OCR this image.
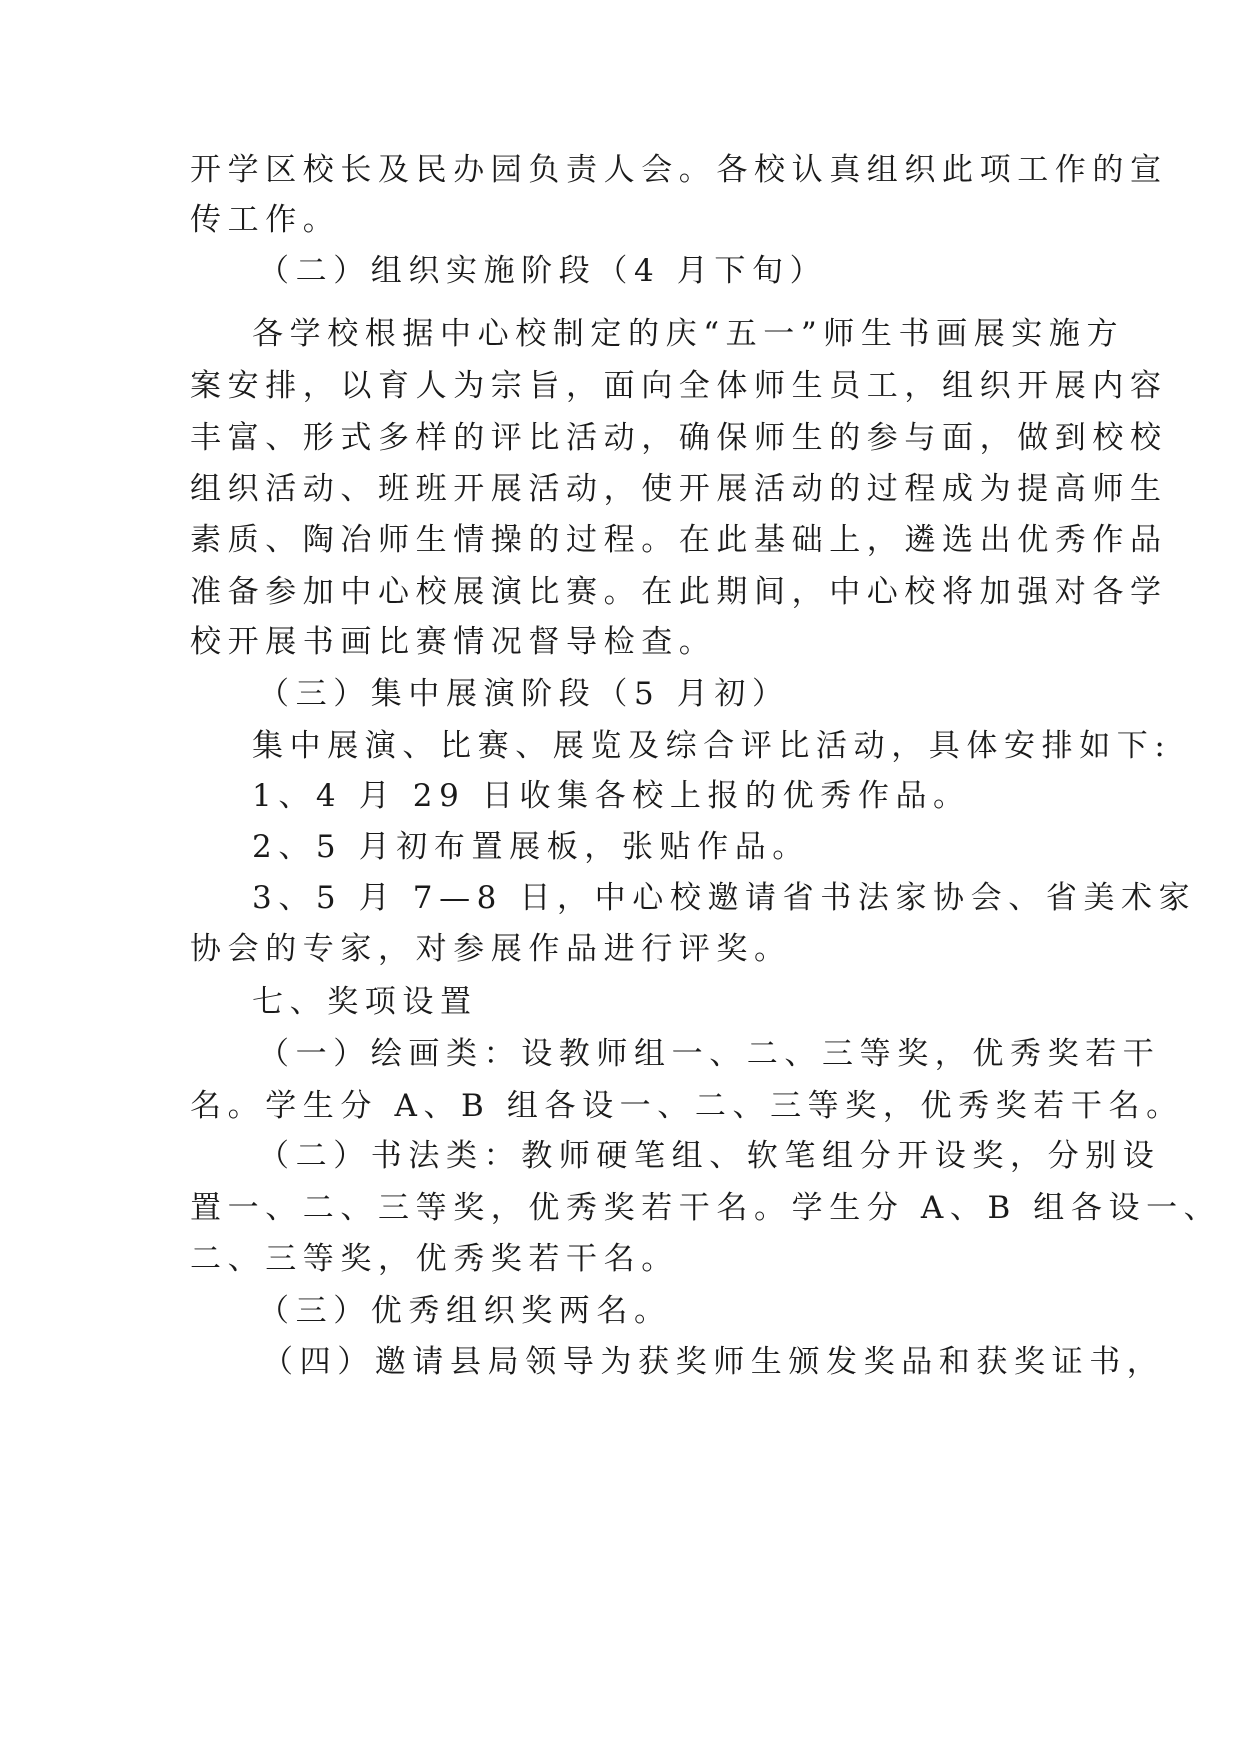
开学区校长及民办园负责人会。各校认真组织此项工作的宣

传工作。

（二）组织实施阶段（4 月下旬）

各学校根据中心校制定的庆“五一”师生书画展实施方

案安排，以育人为宗旨，面向全体师生员工，组织开展内容

丰富、形式多样的评比活动，确保师生的参与面，做到校校

组织活动、班班开展活动，使开展活动的过程成为提高师生

素质、陶冶师生情操的过程。在此基础上，遴选出优秀作品

准备参加中心校展演比赛。在此期间，中心校将加强对各学

校开展书画比赛情况督导检查。

（三）集中展演阶段（5 月初）

集中展演、比赛、展览及综合评比活动，具体安排如下:

1、4 月 29 日收集各校上报的优秀作品。

2、5 月初布置展板，张贴作品。

3、5 月 7—8 日，中心校邀请省书法家协会、省美术家

协会的专家，对参展作品进行评奖。

七、奖项设置

（一）绘画类：设教师组一、二、三等奖，优秀奖若干

名。学生分 A、B 组各设一、二、三等奖，优秀奖若干名。

（二）书法类：教师硬笔组、软笔组分开设奖，分别设

置一、二、三等奖，优秀奖若干名。学生分 A、B 组各设一、

二、三等奖，优秀奖若干名。

（三）优秀组织奖两名。

（四）邀请县局领导为获奖师生颁发奖品和获奖证书，
